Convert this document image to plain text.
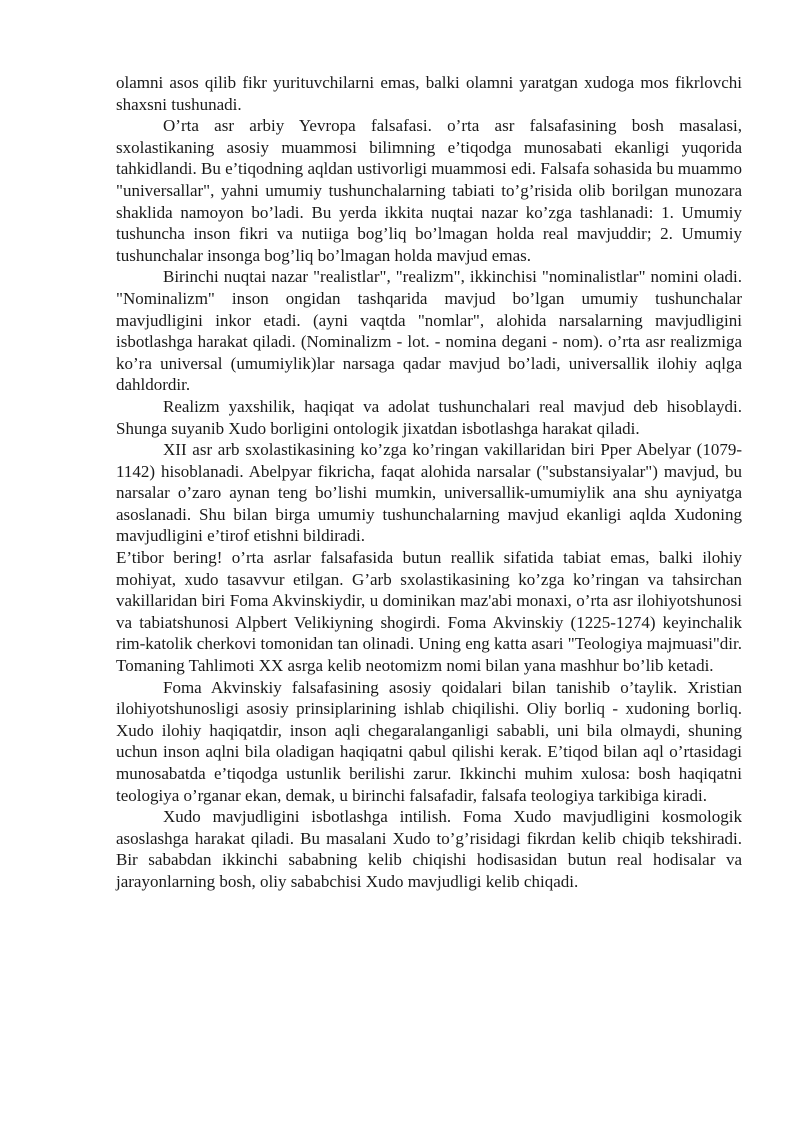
olamni asos qilib fikr yurituvchilarni emas, balki olamni yaratgan xudoga mos fikrlovchi shaxsni tushunadi.

O’rta asr arbiy Yevropa falsafasi. o’rta asr falsafasining bosh masalasi, sxolastikaning asosiy muammosi bilimning e’tiqodga munosabati ekanligi yuqorida tahkidlandi. Bu e’tiqodning aqldan ustivorligi muammosi edi. Falsafa sohasida bu muammo "universallar", yahni umumiy tushunchalarning tabiati to’g’risida olib borilgan munozara shaklida namoyon bo’ladi. Bu yerda ikkita nuqtai nazar ko’zga tashlanadi: 1. Umumiy tushuncha inson fikri va nutiiga bog’liq bo’lmagan holda real mavjuddir; 2. Umumiy tushunchalar insonga bog’liq bo’lmagan holda mavjud emas.

Birinchi nuqtai nazar "realistlar", "realizm", ikkinchisi "nominalistlar" nomini oladi. "Nominalizm" inson ongidan tashqarida mavjud bo’lgan umumiy tushunchalar mavjudligini inkor etadi. (ayni vaqtda "nomlar", alohida narsalarning mavjudligini isbotlashga harakat qiladi. (Nominalizm - lot. - nomina degani - nom). o’rta asr realizmiga ko’ra universal (umumiylik)lar narsaga qadar mavjud bo’ladi, universallik ilohiy aqlga dahldordir.

Realizm yaxshilik, haqiqat va adolat tushunchalari real mavjud deb hisoblaydi. Shunga suyanib Xudo borligini ontologik jixatdan isbotlashga harakat qiladi.

XII asr arb sxolastikasining ko’zga ko’ringan vakillaridan biri Pper Abelyar (1079-1142) hisoblanadi. Abelpyar fikricha, faqat alohida narsalar ("substansiyalar") mavjud, bu narsalar o’zaro aynan teng bo’lishi mumkin, universallik-umumiylik ana shu ayniyatga asoslanadi. Shu bilan birga umumiy tushunchalarning mavjud ekanligi aqlda Xudoning mavjudligini e’tirof etishni bildiradi.

E’tibor bering! o’rta asrlar falsafasida butun reallik sifatida tabiat emas, balki ilohiy mohiyat, xudo tasavvur etilgan. G’arb sxolastikasining ko’zga ko’ringan va tahsirchan vakillaridan biri Foma Akvinskiydir, u dominikan maz'abi monaxi, o’rta asr ilohiyotshunosi va tabiatshunosi Alpbert Velikiyning shogirdi. Foma Akvinskiy (1225-1274) keyinchalik rim-katolik cherkovi tomonidan tan olinadi. Uning eng katta asari "Teologiya majmuasi"dir. Tomaning Tahlimoti XX asrga kelib neotomizm nomi bilan yana mashhur bo’lib ketadi.

Foma Akvinskiy falsafasining asosiy qoidalari bilan tanishib o’taylik. Xristian ilohiyotshunosligi asosiy prinsiplarining ishlab chiqilishi. Oliy borliq - xudoning borliq. Xudo ilohiy haqiqatdir, inson aqli chegaralanganligi sababli, uni bila olmaydi, shuning uchun inson aqlni bila oladigan haqiqatni qabul qilishi kerak. E’tiqod bilan aql o’rtasidagi munosabatda e’tiqodga ustunlik berilishi zarur. Ikkinchi muhim xulosa: bosh haqiqatni teologiya o’rganar ekan, demak, u birinchi falsafadir, falsafa teologiya tarkibiga kiradi.

Xudo mavjudligini isbotlashga intilish. Foma Xudo mavjudligini kosmologik asoslashga harakat qiladi. Bu masalani Xudo to’g’risidagi fikrdan kelib chiqib tekshiradi. Bir sababdan ikkinchi sababning kelib chiqishi hodisasidan butun real hodisalar va jarayonlarning bosh, oliy sababchisi Xudo mavjudligi kelib chiqadi.
